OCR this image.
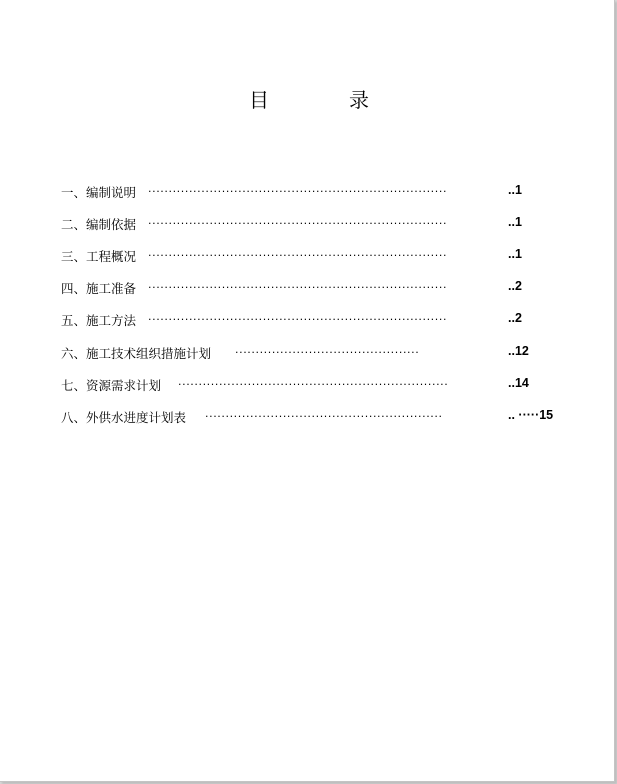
目	录
一、编制说明 ·········································································	..1
二、编制依据 ·········································································	..1
三、工程概况 ·········································································	..1
四、施工准备 ·········································································	..2
五、施工方法 ·········································································	..2
六、施工技术组织措施计划 ·············································	..12
七、资源需求计划 ··································································	..14
八、外供水进度计划表 ··························································	.. ·····15
